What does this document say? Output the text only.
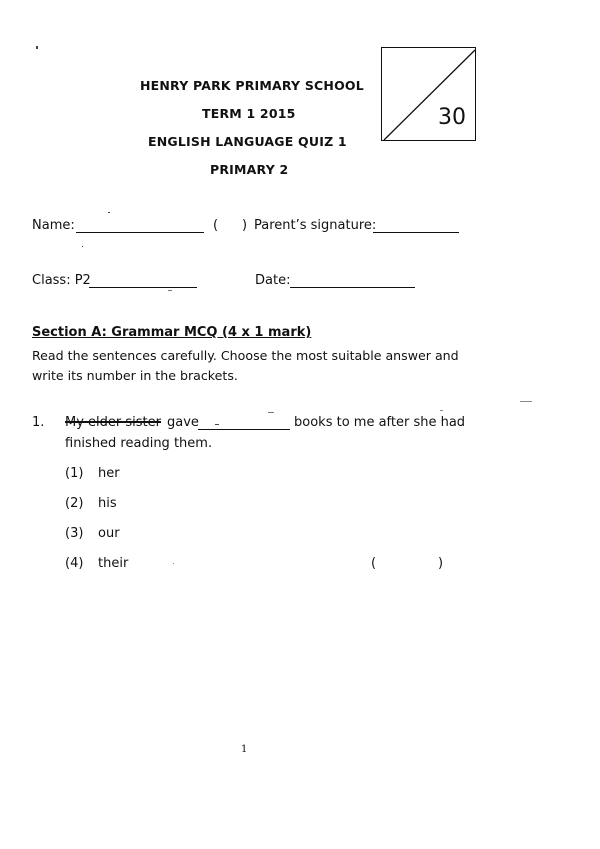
HENRY PARK PRIMARY SCHOOL
TERM 1 2015
ENGLISH LANGUAGE QUIZ 1
PRIMARY 2
30
Name:	( ) Parent’s signature:
Class: P2	Date:
Section A: Grammar MCQ (4 x 1 mark)
Read the sentences carefully. Choose the most suitable answer and
write its number in the brackets.
1. My elder sister gave	books to me after she had
finished reading them.
(1) her
(2) his
(3) our
(4) their	(	)
1
